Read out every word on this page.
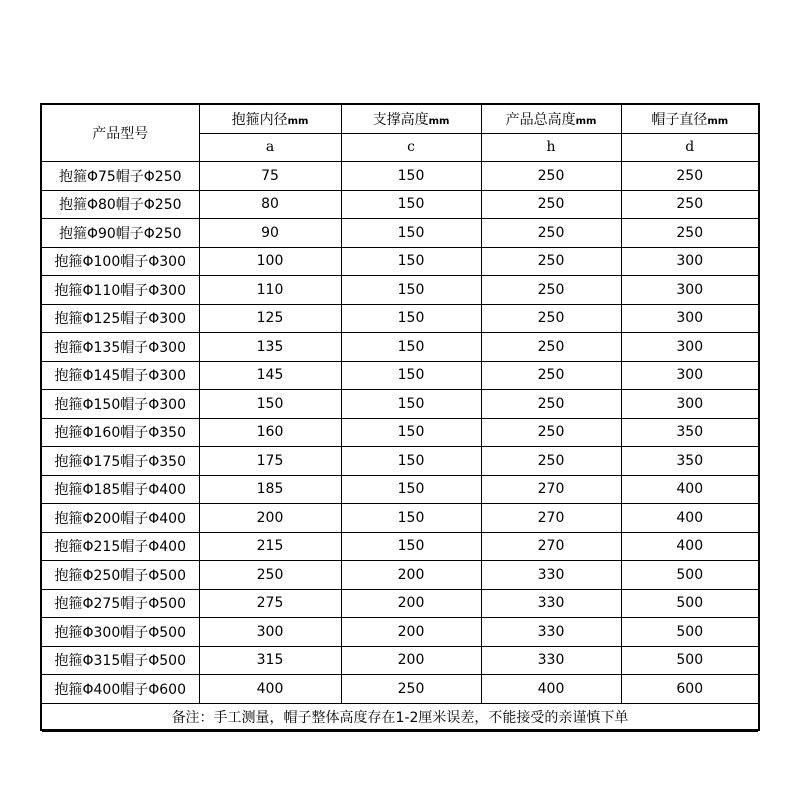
产品型号	抱箍内径mm	支撑高度mm	产品总高度mm	帽子直径mm
	a	c	h	d
抱箍Φ75帽子Φ250	75	150	250	250
抱箍Φ80帽子Φ250	80	150	250	250
抱箍Φ90帽子Φ250	90	150	250	250
抱箍Φ100帽子Φ300	100	150	250	300
抱箍Φ110帽子Φ300	110	150	250	300
抱箍Φ125帽子Φ300	125	150	250	300
抱箍Φ135帽子Φ300	135	150	250	300
抱箍Φ145帽子Φ300	145	150	250	300
抱箍Φ150帽子Φ300	150	150	250	300
抱箍Φ160帽子Φ350	160	150	250	350
抱箍Φ175帽子Φ350	175	150	250	350
抱箍Φ185帽子Φ400	185	150	270	400
抱箍Φ200帽子Φ400	200	150	270	400
抱箍Φ215帽子Φ400	215	150	270	400
抱箍Φ250帽子Φ500	250	200	330	500
抱箍Φ275帽子Φ500	275	200	330	500
抱箍Φ300帽子Φ500	300	200	330	500
抱箍Φ315帽子Φ500	315	200	330	500
抱箍Φ400帽子Φ600	400	250	400	600
备注：手工测量，帽子整体高度存在1-2厘米误差，不能接受的亲谨慎下单				
